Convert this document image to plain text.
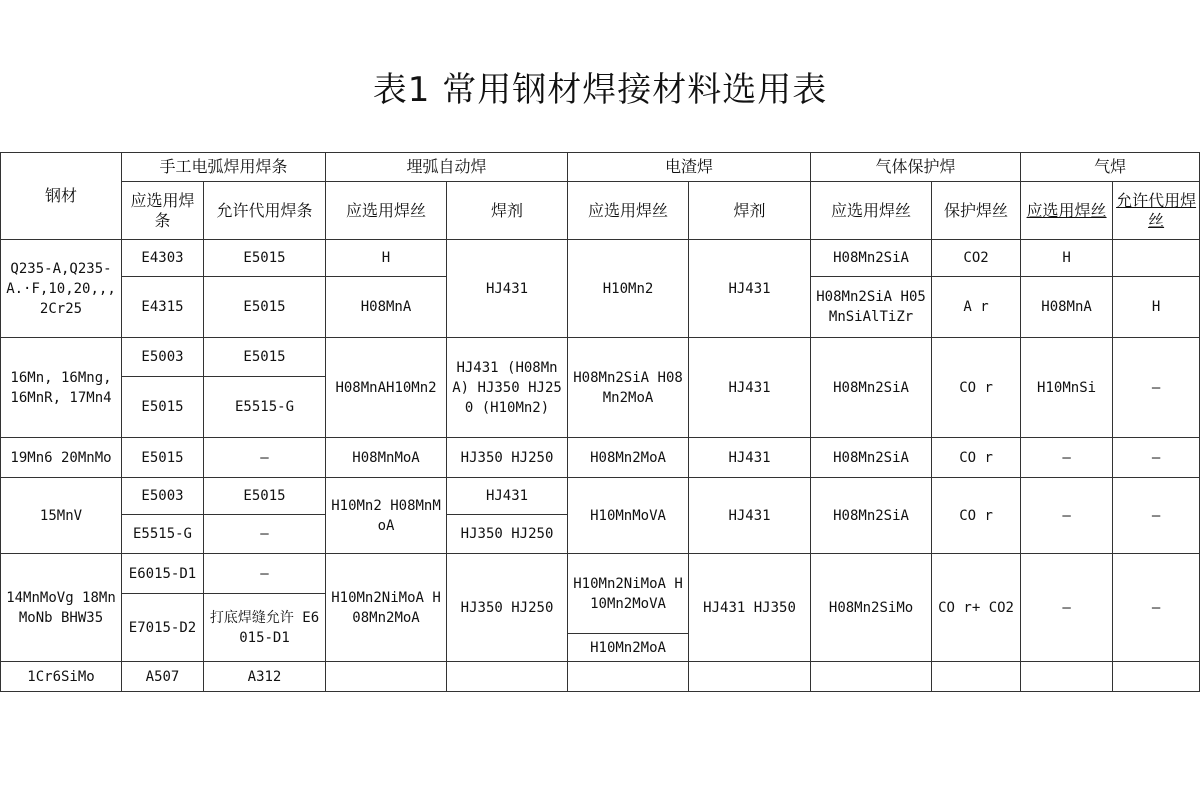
表1 常用钢材焊接材料选用表
钢材	手工电弧焊用焊条		埋弧自动焊		电渣焊		气体保护焊		气焊	
	应选用焊条	允许代用焊条	应选用焊丝	焊剂	应选用焊丝	焊剂	应选用焊丝	保护焊丝	应选用焊丝	允许代用焊丝
Q235-A,Q235-A.·F,10,20,,,2Cr25	E4303	E5015	H	HJ431	H10Mn2	HJ431	H08Mn2SiA	CO2	H	
	E4315	E5015	H08MnA				H08Mn2SiA H05MnSiAlTiZr	A r	H08MnA	H
16Mn, 16Mng, 16MnR, 17Mn4	E5003	E5015	H08MnAH10Mn2	HJ431 (H08MnA) HJ350 HJ250 (H10Mn2)	H08Mn2SiA H08Mn2MoA	HJ431	H08Mn2SiA	CO r	H10MnSi	—
	E5015	E5515-G								
19Mn6 20MnMo	E5015	—	H08MnMoA	HJ350 HJ250	H08Mn2MoA	HJ431	H08Mn2SiA	CO r	—	—
15MnV	E5003	E5015	H10Mn2 H08MnMoA	HJ431	H10MnMoVA	HJ431	H08Mn2SiA	CO r	—	—
	E5515-G	—		HJ350 HJ250						
14MnMoVg 18MnMoNb BHW35	E6015-D1	—	H10Mn2NiMoA H08Mn2MoA	HJ350 HJ250	H10Mn2NiMoA H10Mn2MoVA	HJ431 HJ350	H08Mn2SiMo	CO r+ CO2	—	—
	E7015-D2	打底焊缝允许 E6015-D1								
					H10Mn2MoA					
1Cr6SiMo	A507	A312								
